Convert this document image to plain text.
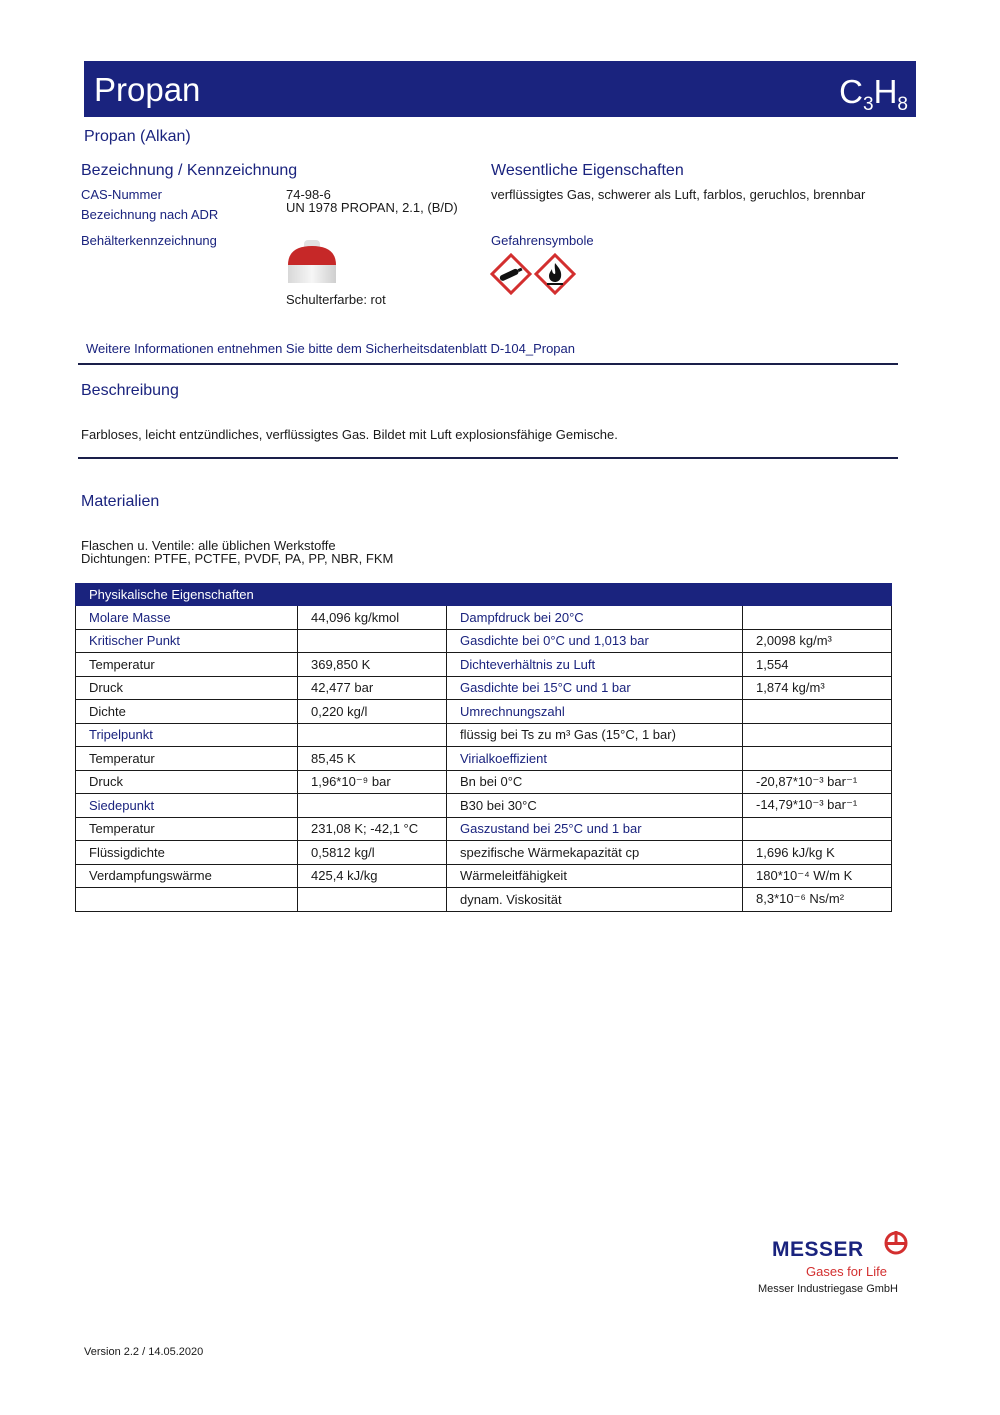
Propan	$C_3H_8$
Propan (Alkan)
Bezeichnung / Kennzeichnung
CAS-Nummer	74-98-6
UN 1978 PROPAN, 2.1, (B/D)
Bezeichnung nach ADR
Behälterkennzeichnung
Schulterfarbe: rot
Wesentliche Eigenschaften
verflüssigtes Gas, schwerer als Luft, farblos, geruchlos, brennbar
Gefahrensymbole
Weitere Informationen entnehmen Sie bitte dem Sicherheitsdatenblatt D-104_Propan
Beschreibung
Farbloses, leicht entzündliches, verflüssigtes Gas. Bildet mit Luft explosionsfähige Gemische.
Materialien
Flaschen u. Ventile: alle üblichen Werkstoffe
Dichtungen: PTFE, PCTFE, PVDF, PA, PP, NBR, FKM
Physikalische Eigenschaften			
Molare Masse	44,096 kg/kmol	Dampfdruck bei 20°C	
Kritischer Punkt		Gasdichte bei 0°C und 1,013 bar	2,0098 kg/m³
Temperatur	369,850 K	Dichteverhältnis zu Luft	1,554
Druck	42,477 bar	Gasdichte bei 15°C und 1 bar	1,874 kg/m³
Dichte	0,220 kg/l	Umrechnungszahl	
Tripelpunkt		flüssig bei Ts zu m³ Gas (15°C, 1 bar)	
Temperatur	85,45 K	Virialkoeffizient	
Druck	1,96*10⁻⁹ bar	Bn bei 0°C	-20,87*10⁻³ bar⁻¹
Siedepunkt		B30 bei 30°C	-14,79*10⁻³ bar⁻¹
Temperatur	231,08 K; -42,1 °C	Gaszustand bei 25°C und 1 bar	
Flüssigdichte	0,5812 kg/l	spezifische Wärmekapazität cp	1,696 kJ/kg K
Verdampfungswärme	425,4 kJ/kg	Wärmeleitfähigkeit	180*10⁻⁴ W/m K
		dynam. Viskosität	8,3*10⁻⁶ Ns/m²
MESSER
Gases for Life
Messer Industriegase GmbH
Version 2.2 / 14.05.2020
